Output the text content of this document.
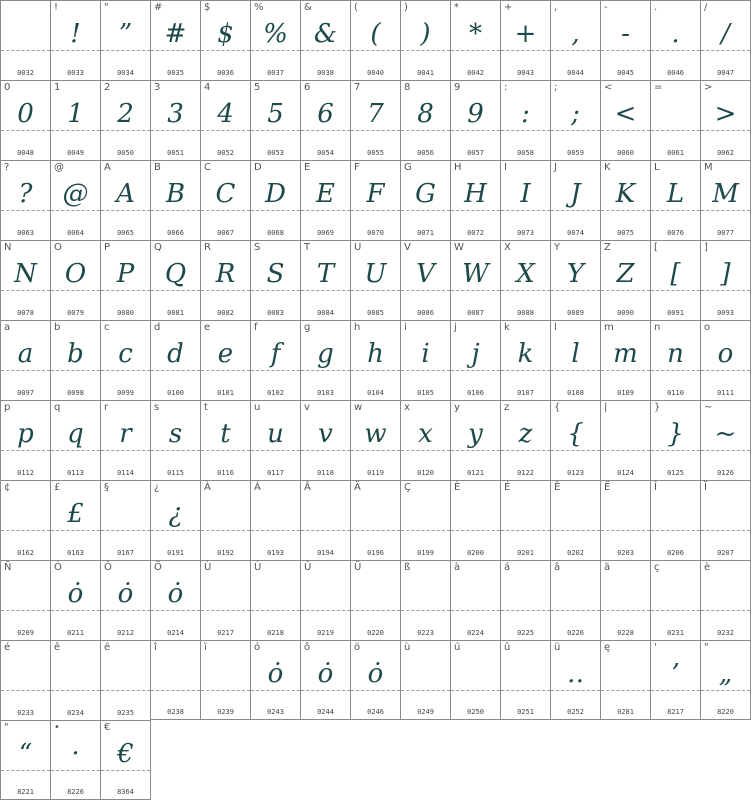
0032
!
!
0033
"
”
0034
#
#
0035
$
$
0036
%
%
0037
&
&
0038
(
(
0040
)
)
0041
*
*
0042
+
+
0043
,
,
0044
-
-
0045
.
.
0046
/
/
0047
0
0
0048
1
1
0049
2
2
0050
3
3
0051
4
4
0052
5
5
0053
6
6
0054
7
7
0055
8
8
0056
9
9
0057
:
:
0058
;
;
0059
<
<
0060
=
0061
>
>
0062
?
?
0063
@
@
0064
A
A
0065
B
B
0066
C
C
0067
D
D
0068
E
E
0069
F
F
0070
G
G
0071
H
H
0072
I
I
0073
J
J
0074
K
K
0075
L
L
0076
M
M
0077
N
N
0078
O
O
0079
P
P
0080
Q
Q
0081
R
R
0082
S
S
0083
T
T
0084
U
U
0085
V
V
0086
W
W
0087
X
X
0088
Y
Y
0089
Z
Z
0090
[
[
0091
]
]
0093
a
a
0097
b
b
0098
c
c
0099
d
d
0100
e
e
0101
f
f
0102
g
g
0103
h
h
0104
i
i
0105
j
j
0106
k
k
0107
l
l
0108
m
m
0109
n
n
0110
o
o
0111
p
p
0112
q
q
0113
r
r
0114
s
s
0115
t
t
0116
u
u
0117
v
v
0118
w
w
0119
x
x
0120
y
y
0121
z
z
0122
{
{
0123
|
0124
}
}
0125
~
~
0126
¢
0162
£
£
0163
§
0167
¿
¿
0191
À
0192
Á
0193
Â
0194
Ä
0196
Ç
0199
È
0200
É
0201
Ê
0202
Ë
0203
Î
0206
Ï
0207
Ñ
0209
Ó
ȯ
0211
Ô
ȯ
0212
Ö
ȯ
0214
Ù
0217
Ú
0218
Û
0219
Ü
0220
ß
0223
à
0224
á
0225
â
0226
ä
0228
ç
0231
è
0232
é
0233
ê
0234
ë
0235
î
0238
ï
0239
ó
ȯ
0243
ô
ȯ
0244
ö
ȯ
0246
ù
0249
ú
0250
û
0251
ü
‥
0252
ę
0281
'
’
8217
"
„
8220
"
“
8221
•
·
8226
€
€
8364
